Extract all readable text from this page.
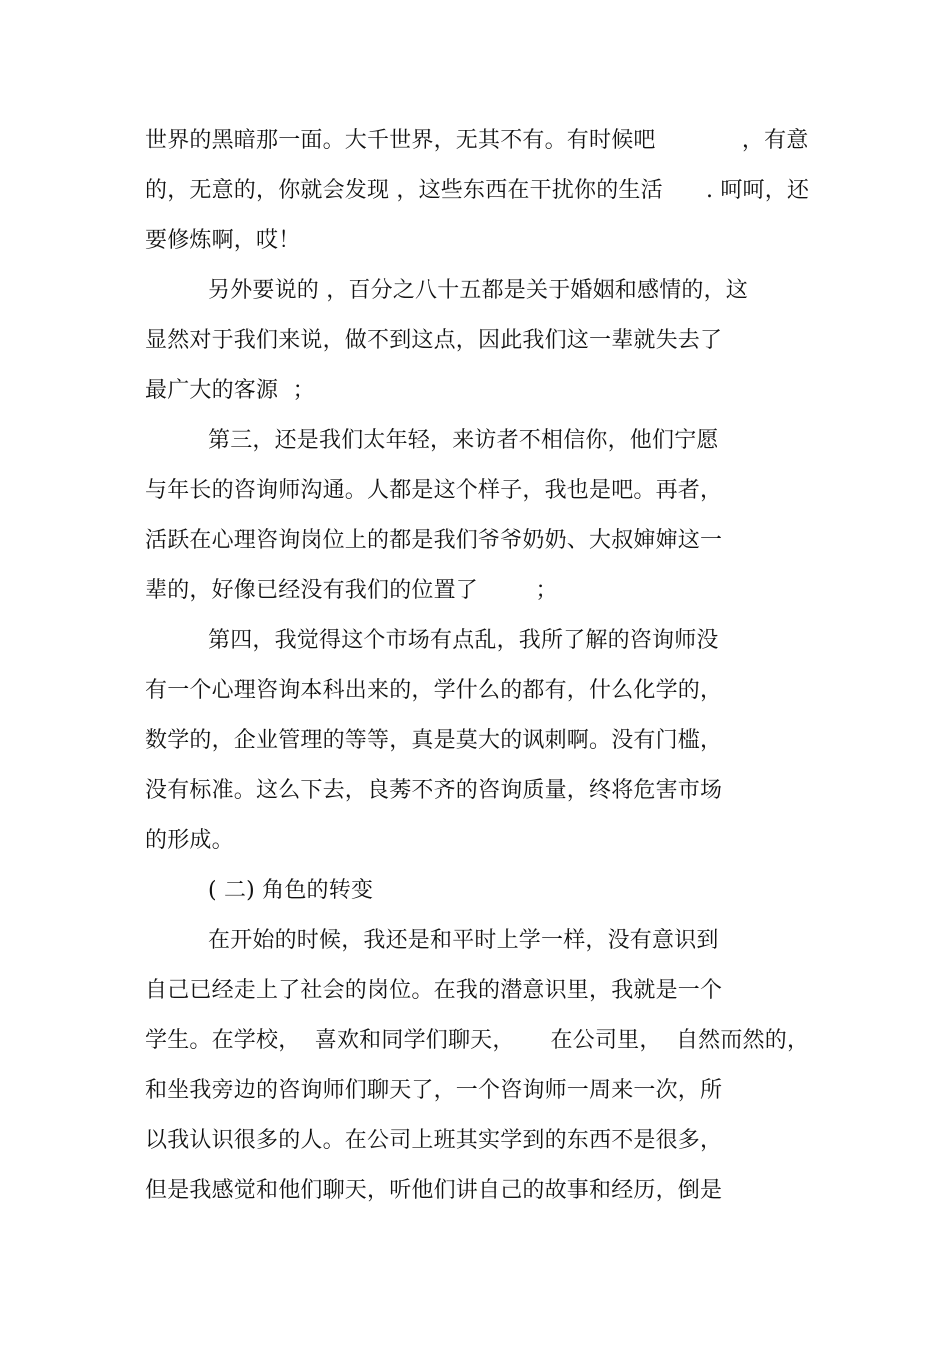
世界的黑暗那一面。大千世界，无其不有。有时候吧            ，有意
的，无意的，你就会发现 ，这些东西在干扰你的生活      . 呵呵，还
要修炼啊，哎！
另外要说的 ，百分之八十五都是关于婚姻和感情的，这
显然对于我们来说，做不到这点，因此我们这一辈就失去了
最广大的客源  ；
第三，还是我们太年轻，来访者不相信你，他们宁愿
与年长的咨询师沟通。人都是这个样子，我也是吧。再者，
活跃在心理咨询岗位上的都是我们爷爷奶奶、大叔婶婶这一
辈的，好像已经没有我们的位置了        ；
第四，我觉得这个市场有点乱，我所了解的咨询师没
有一个心理咨询本科出来的，学什么的都有，什么化学的，
数学的，企业管理的等等，真是莫大的讽刺啊。没有门槛，
没有标准。这么下去，良莠不齐的咨询质量，终将危害市场
的形成。
( 二) 角色的转变
在开始的时候，我还是和平时上学一样，没有意识到
自己已经走上了社会的岗位。在我的潜意识里，我就是一个
学生。在学校，  喜欢和同学们聊天，     在公司里，  自然而然的，
和坐我旁边的咨询师们聊天了，一个咨询师一周来一次，所
以我认识很多的人。在公司上班其实学到的东西不是很多，
但是我感觉和他们聊天，听他们讲自己的故事和经历，倒是
